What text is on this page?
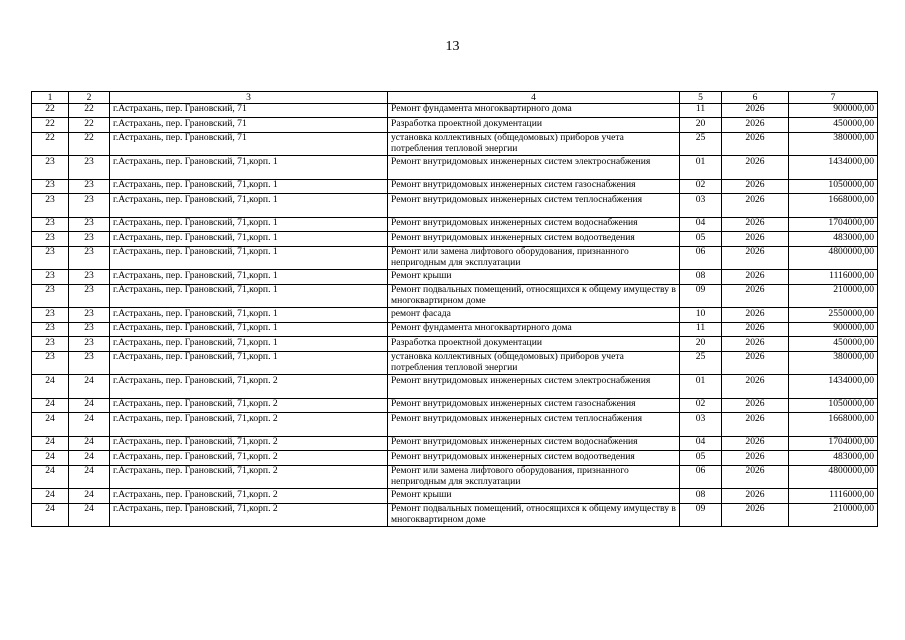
13
1	2	3	4	5	6	7
22	22	г.Астрахань, пер. Грановский, 71	Ремонт фундамента многоквартирного дома	11	2026	900000,00
22	22	г.Астрахань, пер. Грановский, 71	Разработка проектной документации	20	2026	450000,00
22	22	г.Астрахань, пер. Грановский, 71	установка коллективных (общедомовых) приборов учета потребления тепловой энергии	25	2026	380000,00
23	23	г.Астрахань, пер. Грановский, 71,корп. 1	Ремонт внутридомовых инженерных систем электроснабжения	01	2026	1434000,00
23	23	г.Астрахань, пер. Грановский, 71,корп. 1	Ремонт внутридомовых инженерных систем газоснабжения	02	2026	1050000,00
23	23	г.Астрахань, пер. Грановский, 71,корп. 1	Ремонт внутридомовых инженерных систем теплоснабжения	03	2026	1668000,00
23	23	г.Астрахань, пер. Грановский, 71,корп. 1	Ремонт внутридомовых инженерных систем водоснабжения	04	2026	1704000,00
23	23	г.Астрахань, пер. Грановский, 71,корп. 1	Ремонт внутридомовых инженерных систем водоотведения	05	2026	483000,00
23	23	г.Астрахань, пер. Грановский, 71,корп. 1	Ремонт или замена лифтового оборудования, признанного непригодным для эксплуатации	06	2026	4800000,00
23	23	г.Астрахань, пер. Грановский, 71,корп. 1	Ремонт крыши	08	2026	1116000,00
23	23	г.Астрахань, пер. Грановский, 71,корп. 1	Ремонт подвальных помещений, относящихся к общему имуществу в многоквартирном доме	09	2026	210000,00
23	23	г.Астрахань, пер. Грановский, 71,корп. 1	ремонт фасада	10	2026	2550000,00
23	23	г.Астрахань, пер. Грановский, 71,корп. 1	Ремонт фундамента многоквартирного дома	11	2026	900000,00
23	23	г.Астрахань, пер. Грановский, 71,корп. 1	Разработка проектной документации	20	2026	450000,00
23	23	г.Астрахань, пер. Грановский, 71,корп. 1	установка коллективных (общедомовых) приборов учета потребления тепловой энергии	25	2026	380000,00
24	24	г.Астрахань, пер. Грановский, 71,корп. 2	Ремонт внутридомовых инженерных систем электроснабжения	01	2026	1434000,00
24	24	г.Астрахань, пер. Грановский, 71,корп. 2	Ремонт внутридомовых инженерных систем газоснабжения	02	2026	1050000,00
24	24	г.Астрахань, пер. Грановский, 71,корп. 2	Ремонт внутридомовых инженерных систем теплоснабжения	03	2026	1668000,00
24	24	г.Астрахань, пер. Грановский, 71,корп. 2	Ремонт внутридомовых инженерных систем водоснабжения	04	2026	1704000,00
24	24	г.Астрахань, пер. Грановский, 71,корп. 2	Ремонт внутридомовых инженерных систем водоотведения	05	2026	483000,00
24	24	г.Астрахань, пер. Грановский, 71,корп. 2	Ремонт или замена лифтового оборудования, признанного непригодным для эксплуатации	06	2026	4800000,00
24	24	г.Астрахань, пер. Грановский, 71,корп. 2	Ремонт крыши	08	2026	1116000,00
24	24	г.Астрахань, пер. Грановский, 71,корп. 2	Ремонт подвальных помещений, относящихся к общему имуществу в многоквартирном доме	09	2026	210000,00
